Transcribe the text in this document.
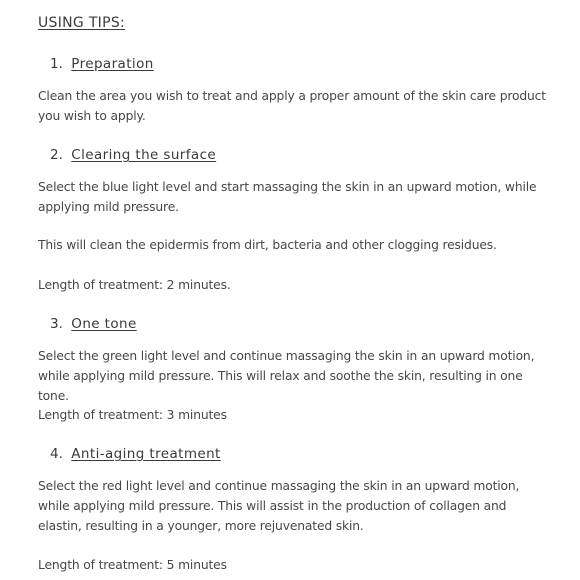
USING TIPS:
1. Preparation
Clean the area you wish to treat and apply a proper amount of the skin care product you wish to apply.
2. Clearing the surface
Select the blue light level and start massaging the skin in an upward motion, while applying mild pressure.
This will clean the epidermis from dirt, bacteria and other clogging residues.
Length of treatment: 2 minutes.
3. One tone
Select the green light level and continue massaging the skin in an upward motion, while applying mild pressure. This will relax and soothe the skin, resulting in one tone.
Length of treatment: 3 minutes
4. Anti-aging treatment
Select the red light level and continue massaging the skin in an upward motion, while applying mild pressure. This will assist in the production of collagen and elastin, resulting in a younger, more rejuvenated skin.
Length of treatment: 5 minutes
